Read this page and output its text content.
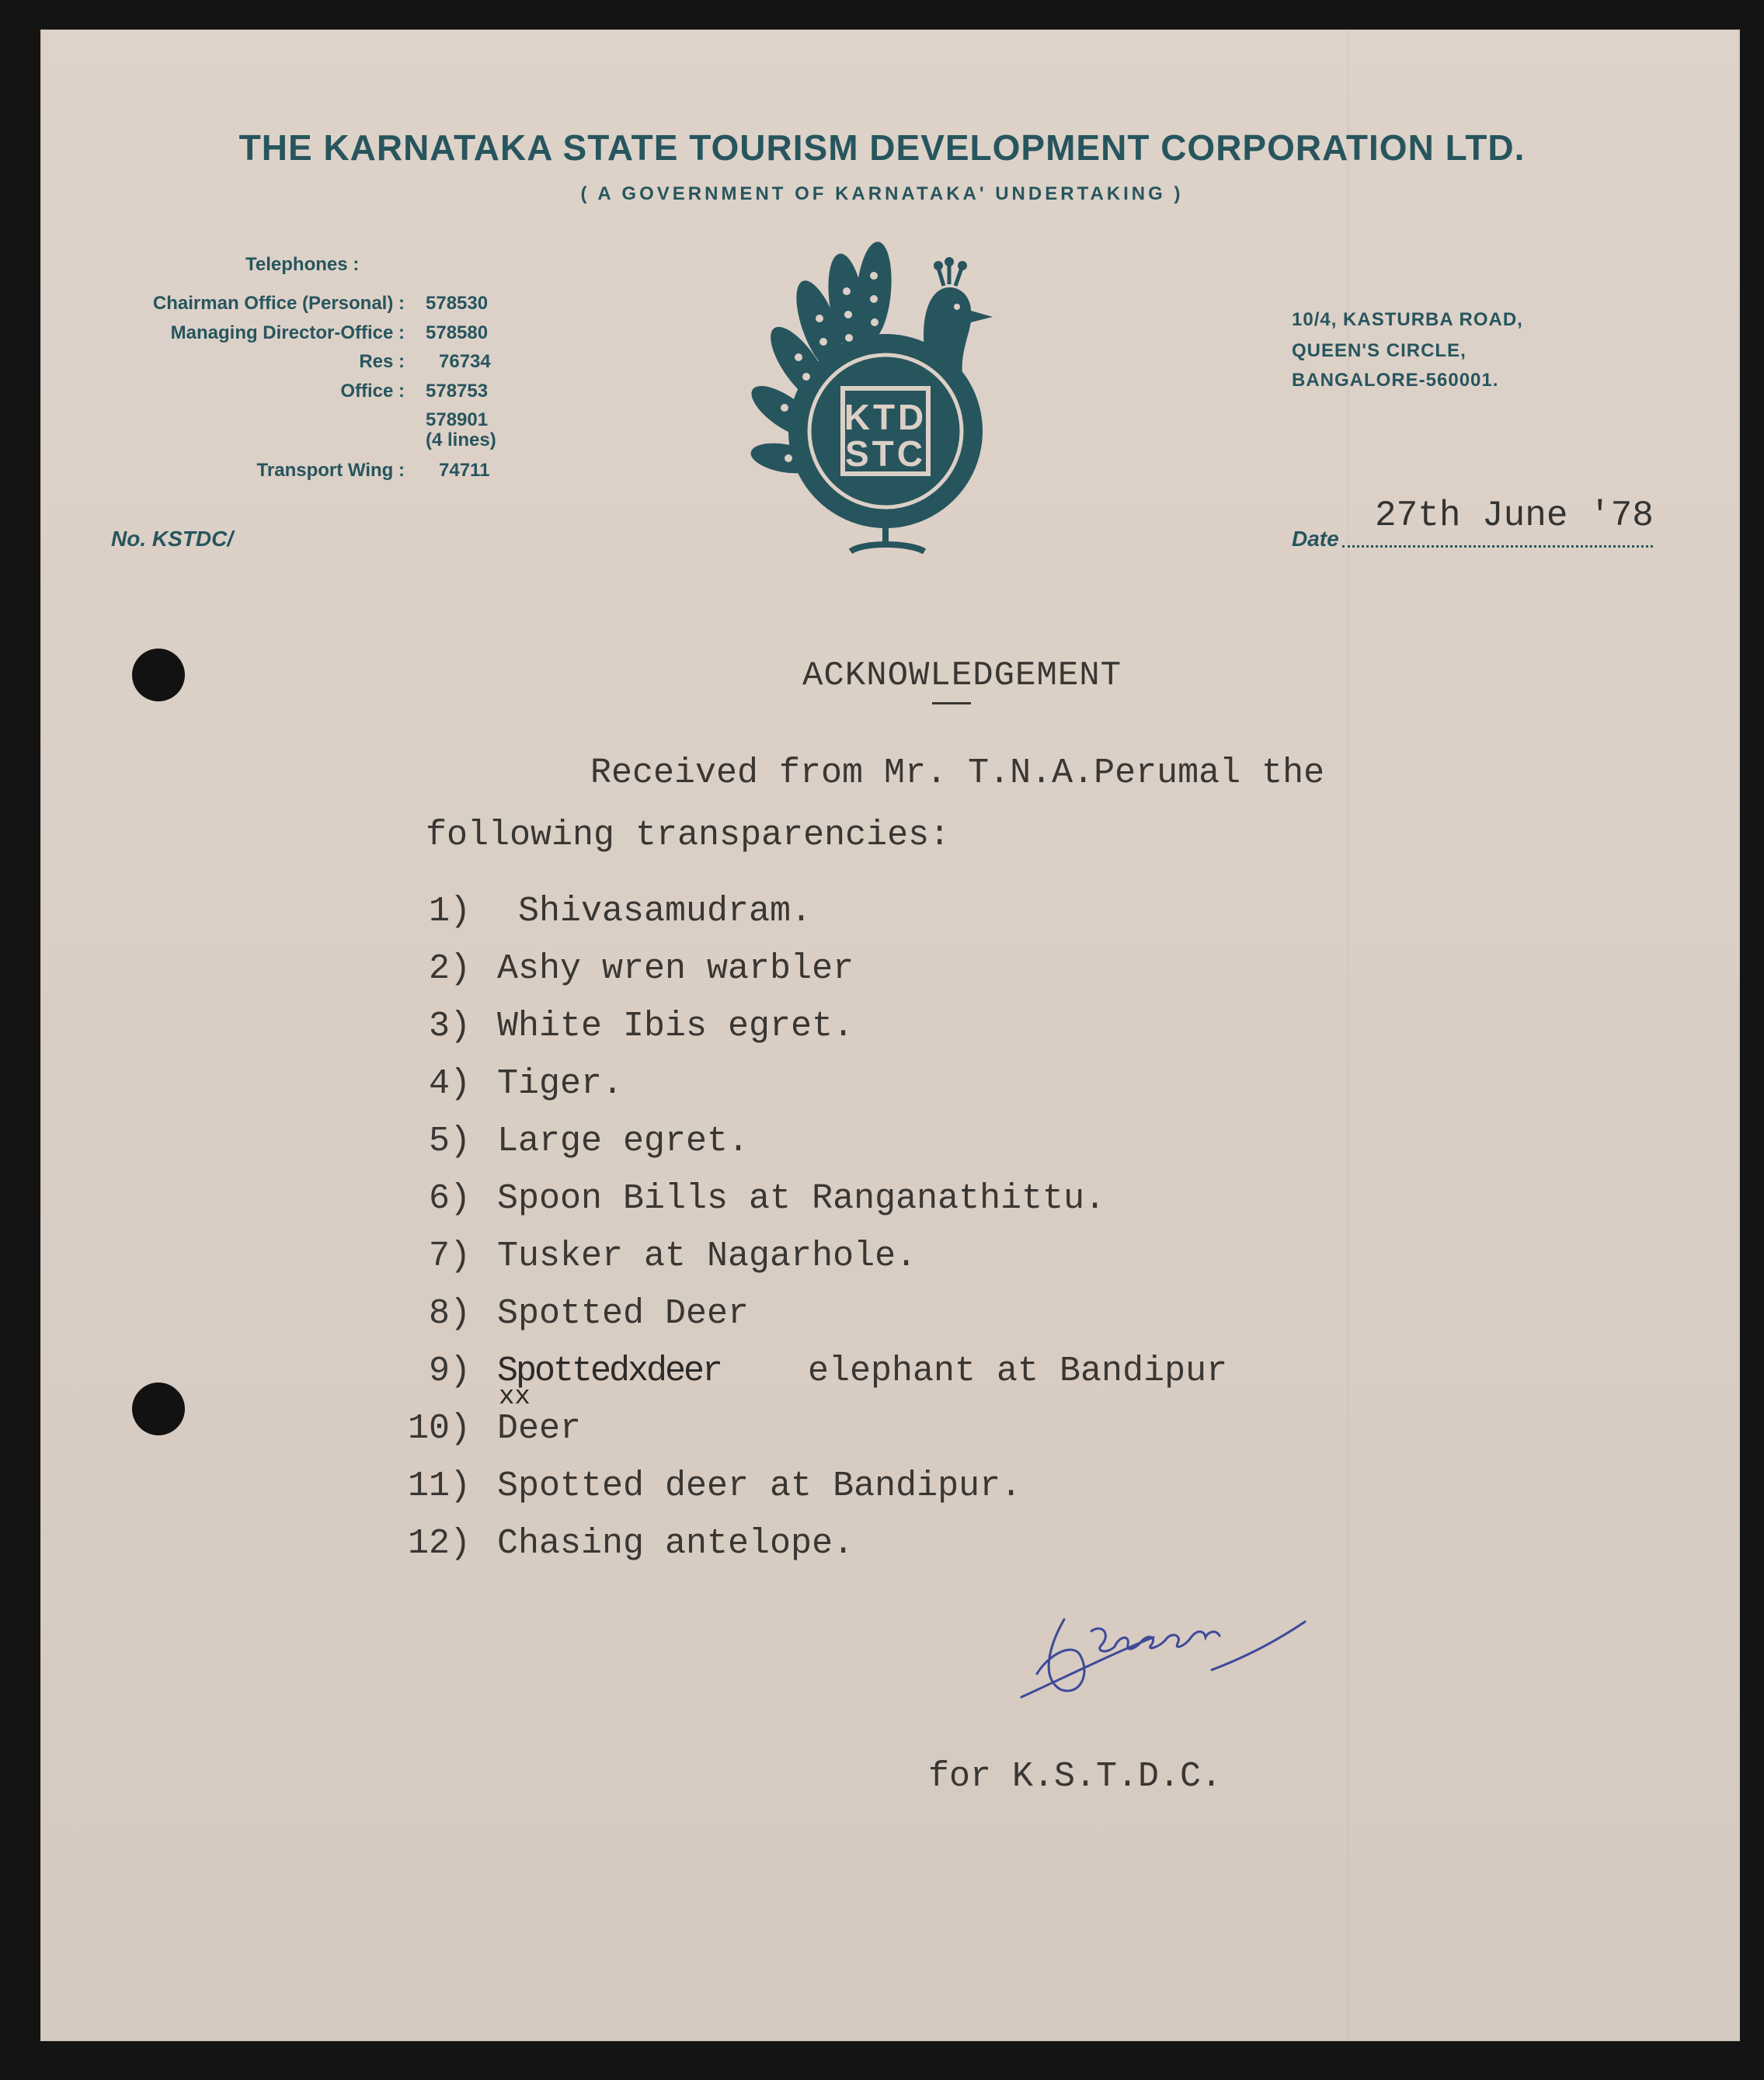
THE KARNATAKA STATE TOURISM DEVELOPMENT CORPORATION LTD.
( A GOVERNMENT OF KARNATAKA' UNDERTAKING )
Telephones :
Chairman Office (Personal) : 578530
Managing Director-Office : 578580
Res : 76734
Office : 578753
578901
(4 lines)
Transport Wing : 74711
KTD
STC
10/4, KASTURBA ROAD,
QUEEN'S CIRCLE,
BANGALORE-560001.
No. KSTDC/	Date
27th June '78
ACKNOWLEDGEMENT
Received from Mr. T.N.A.Perumal the
following transparencies:
1) Shivasamudram.
2) Ashy wren warbler
3) White Ibis egret.
4) Tiger.
5) Large egret.
6) Spoon Bills at Ranganathittu.
7) Tusker at Nagarhole.
8) Spotted Deer
9)	elephant at Bandipur
Spottedxdeer
xx
10) Deer
11) Spotted deer at Bandipur.
12) Chasing antelope.
for K.S.T.D.C.
